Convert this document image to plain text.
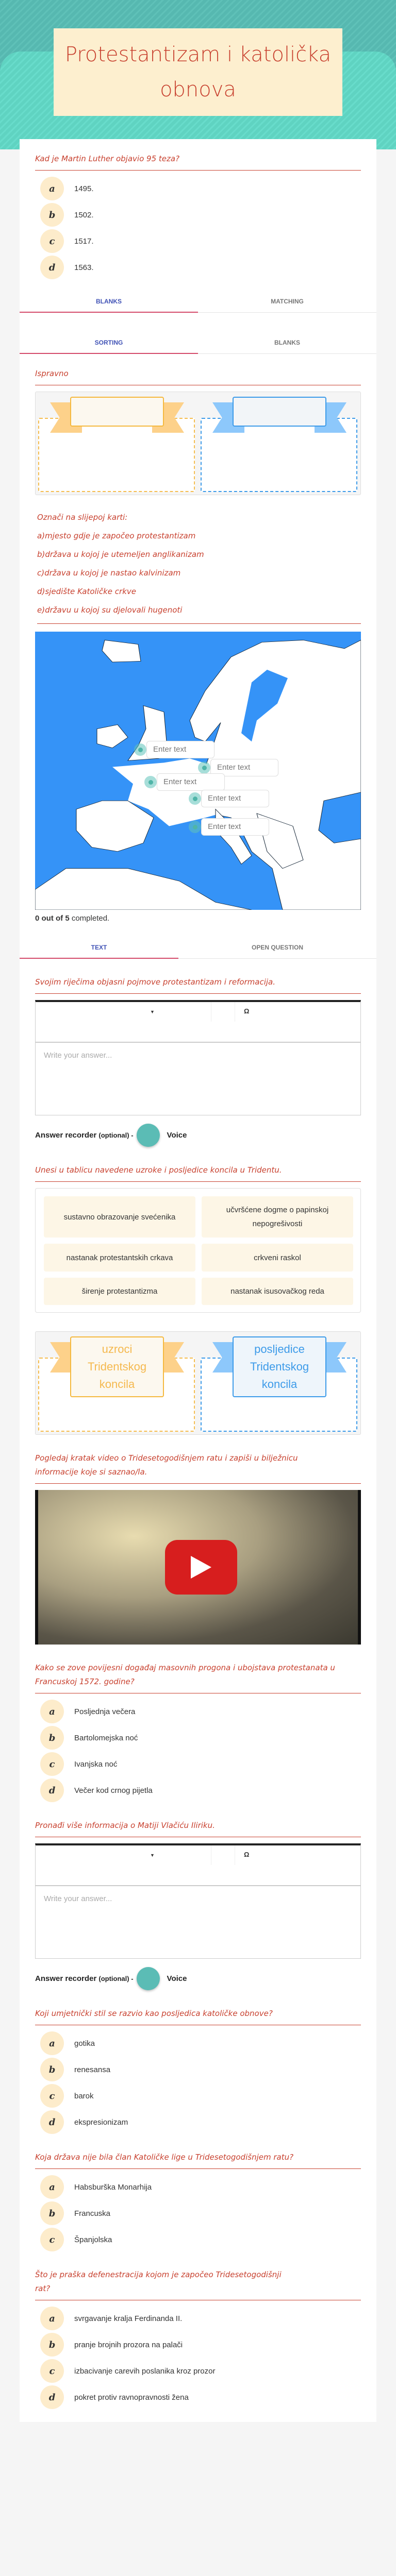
Protestantizam i katolička obnova
Kad je Martin Luther objavio 95 teza?
a	1495.
b	1502.
c	1517.
d	1563.
BLANKS	MATCHING
SORTING	BLANKS
Ispravno
Označi na slijepoj karti:
a)mjesto gdje je započeo protestantizam
b)država u kojoj je utemeljen anglikanizam
c)država u kojoj je nastao kalvinizam
d)sjedište Katoličke crkve
e)državu u kojoj su djelovali hugenoti
Enter text
Enter text
Enter text
Enter text
Enter text
0 out of 5 completed.
TEXT	OPEN QUESTION
Svojim riječima objasni pojmove protestantizam i reformacija.
▼	Ω
Write your answer...
Answer recorder
(optional) -	Voice
Unesi u tablicu navedene uzroke i posljedice koncila u Tridentu.
sustavno obrazovanje svećenika
učvršćene dogme o papinskoj nepogrešivosti
nastanak protestantskih crkava	crkveni raskol
širenje protestantizma	nastanak isusovačkog reda
uzroci Tridentskog koncila
posljedice Tridentskog koncila
Pogledaj kratak video o Tridesetogodišnjem ratu i zapiši u bilježnicu informacije koje si saznao/la.
Kako se zove povijesni događaj masovnih progona i ubojstava protestanata u Francuskoj 1572. godine?
a	Posljednja večera
b	Bartolomejska noć
c	Ivanjska noć
d	Večer kod crnog pijetla
Pronađi više informacija o Matiji Vlačiću Iliriku.
▼	Ω
Write your answer...
Answer recorder
(optional) -	Voice
Koji umjetnički stil se razvio kao posljedica katoličke obnove?
a	gotika
b	renesansa
c	barok
d	ekspresionizam
Koja država nije bila član Katoličke lige u Tridesetogodišnjem ratu?
a	Habsburška Monarhija
b	Francuska
c	Španjolska
Što je praška defenestracija kojom je započeo Tridesetogodišnji rat?
a	svrgavanje kralja Ferdinanda II.
b	pranje brojnih prozora na palači
c	izbacivanje carevih poslanika kroz prozor
d	pokret protiv ravnopravnosti žena
